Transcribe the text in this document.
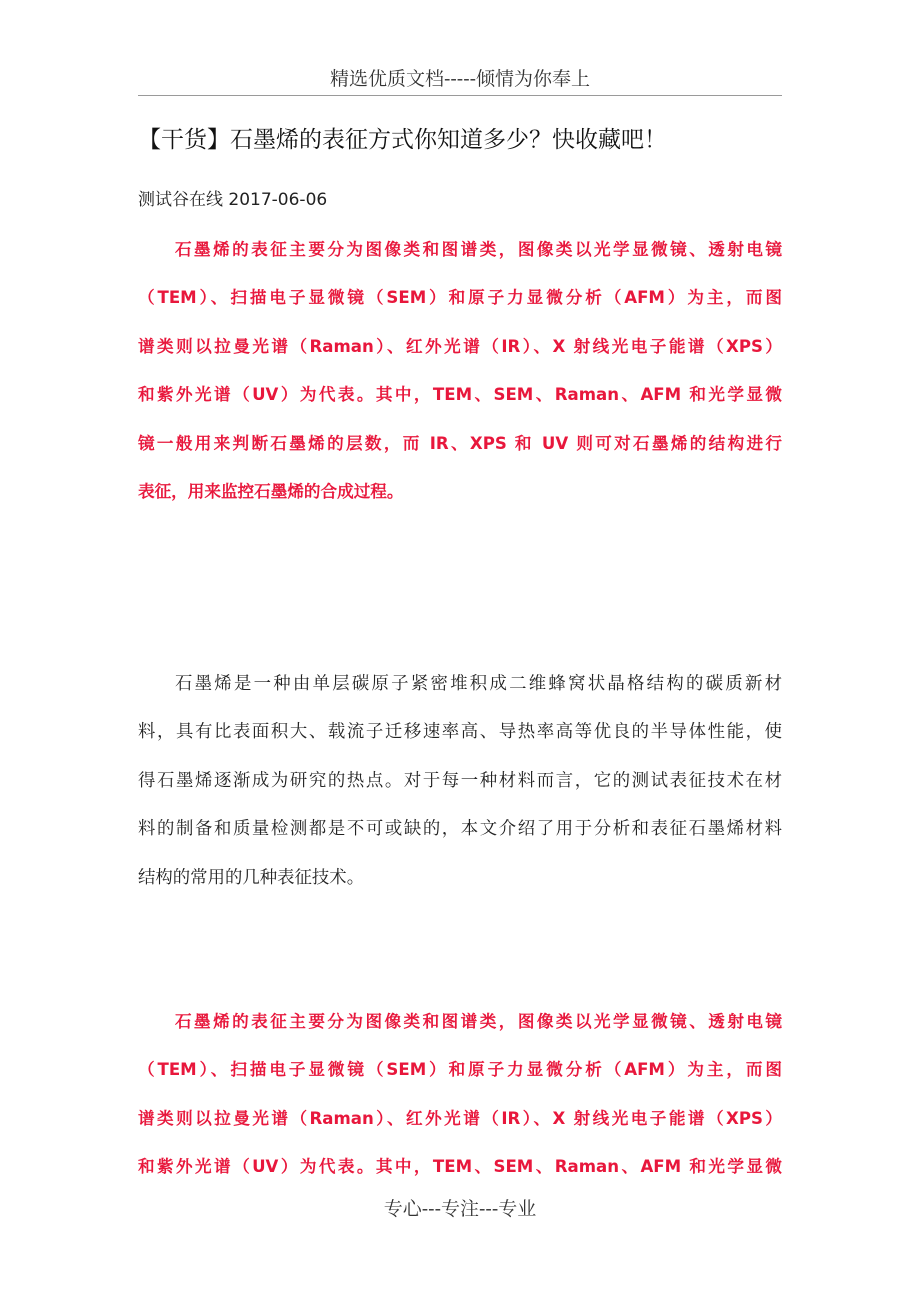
精选优质文档-----倾情为你奉上
【干货】石墨烯的表征方式你知道多少？快收藏吧！
测试谷在线 2017-06-06
石墨烯的表征主要分为图像类和图谱类，图像类以光学显微镜、透射电镜
（TEM）、扫描电子显微镜（SEM）和原子力显微分析（AFM）为主，而图
谱类则以拉曼光谱（Raman）、红外光谱（IR）、X 射线光电子能谱（XPS）
和紫外光谱（UV）为代表。其中，TEM、SEM、Raman、AFM 和光学显微
镜一般用来判断石墨烯的层数，而 IR、XPS 和 UV 则可对石墨烯的结构进行
表征，用来监控石墨烯的合成过程。
石墨烯是一种由单层碳原子紧密堆积成二维蜂窝状晶格结构的碳质新材
料，具有比表面积大、载流子迁移速率高、导热率高等优良的半导体性能，使
得石墨烯逐渐成为研究的热点。对于每一种材料而言，它的测试表征技术在材
料的制备和质量检测都是不可或缺的，本文介绍了用于分析和表征石墨烯材料
结构的常用的几种表征技术。
石墨烯的表征主要分为图像类和图谱类，图像类以光学显微镜、透射电镜
（TEM）、扫描电子显微镜（SEM）和原子力显微分析（AFM）为主，而图
谱类则以拉曼光谱（Raman）、红外光谱（IR）、X 射线光电子能谱（XPS）
和紫外光谱（UV）为代表。其中，TEM、SEM、Raman、AFM 和光学显微
专心---专注---专业
